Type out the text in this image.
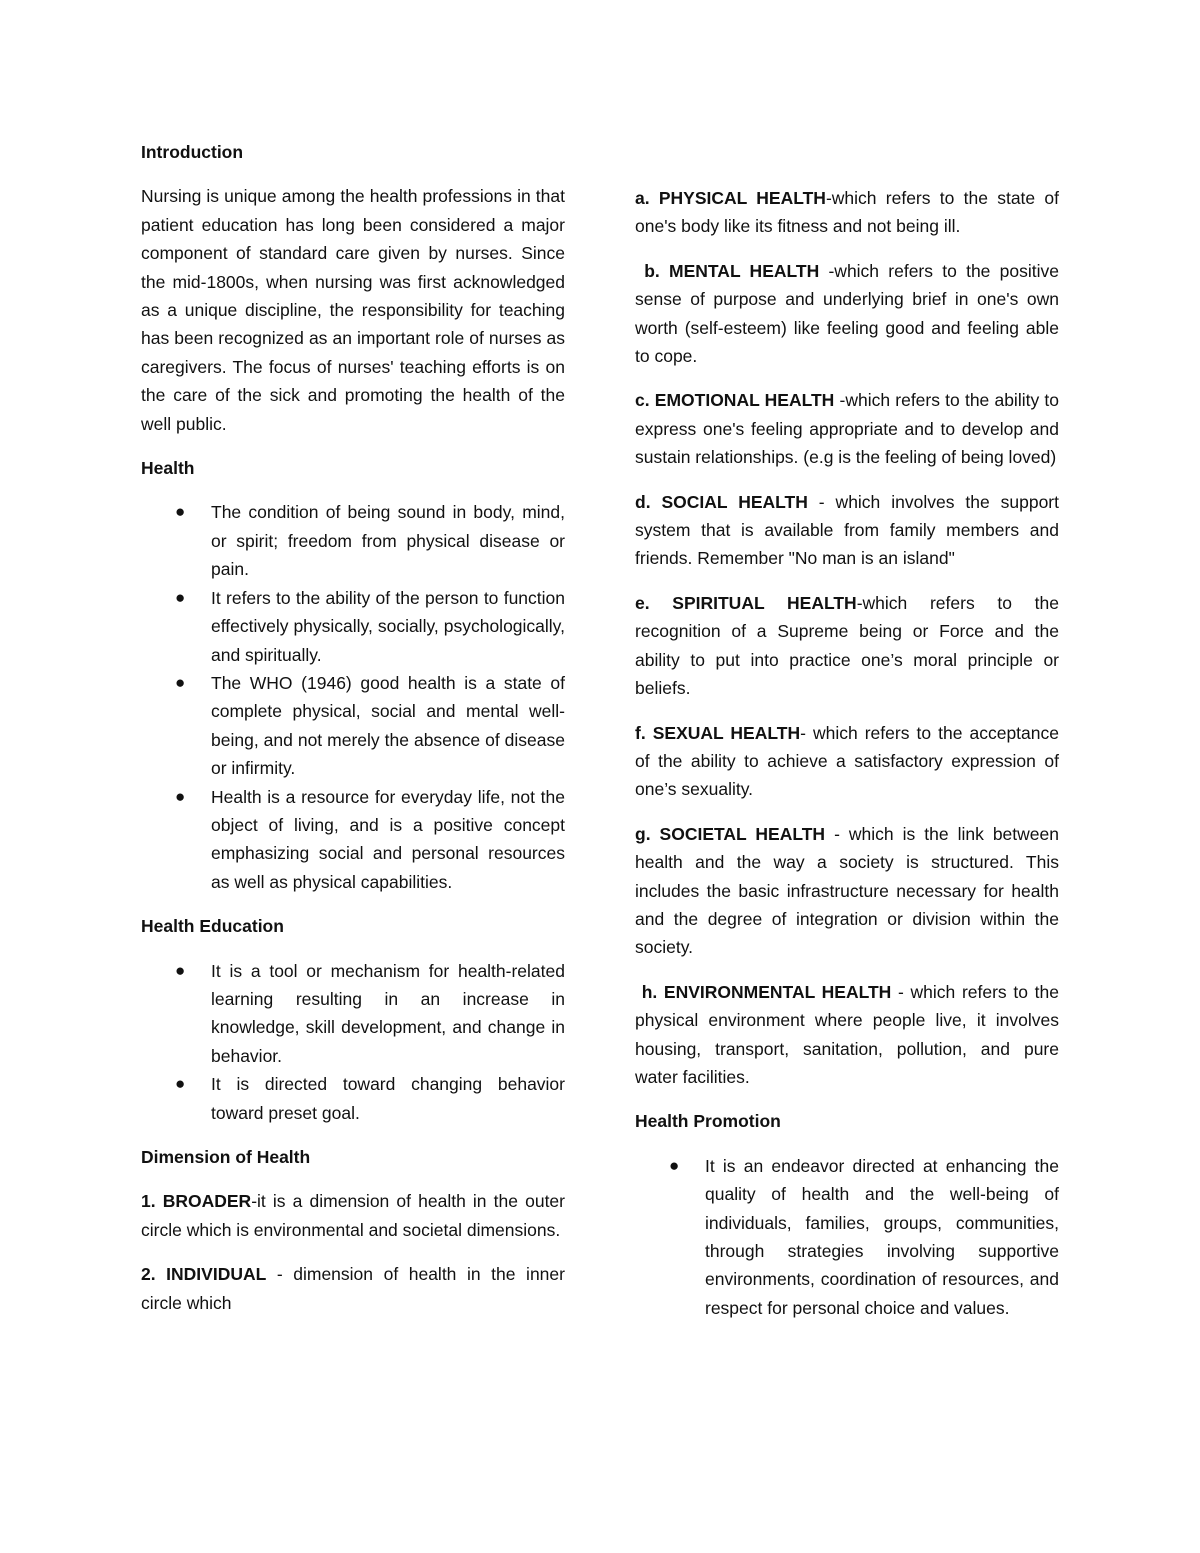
Introduction

Nursing is unique among the health professions in that patient education has long been considered a major component of standard care given by nurses. Since the mid-1800s, when nursing was first acknowledged as a unique discipline, the responsibility for teaching has been recognized as an important role of nurses as caregivers. The focus of nurses' teaching efforts is on the care of the sick and promoting the health of the well public.

Health
● The condition of being sound in body, mind, or spirit; freedom from physical disease or pain.
● It refers to the ability of the person to function effectively physically, socially, psychologically, and spiritually.
● The WHO (1946) good health is a state of complete physical, social and mental well-being, and not merely the absence of disease or infirmity.
● Health is a resource for everyday life, not the object of living, and is a positive concept emphasizing social and personal resources as well as physical capabilities.
Health Education
● It is a tool or mechanism for health-related learning resulting in an increase in knowledge, skill development, and change in behavior.
● It is directed toward changing behavior toward preset goal.
Dimension of Health

1. BROADER-it is a dimension of health in the outer circle which is environmental and societal dimensions.

2. INDIVIDUAL - dimension of health in the inner circle which

a. PHYSICAL HEALTH-which refers to the state of one's body like its fitness and not being ill.

b. MENTAL HEALTH -which refers to the positive sense of purpose and underlying brief in one's own worth (self-esteem) like feeling good and feeling able to cope.

c. EMOTIONAL HEALTH -which refers to the ability to express one's feeling appropriate and to develop and sustain relationships. (e.g is the feeling of being loved)

d. SOCIAL HEALTH - which involves the support system that is available from family members and friends. Remember "No man is an island"

e. SPIRITUAL HEALTH-which refers to the recognition of a Supreme being or Force and the ability to put into practice one’s moral principle or beliefs.

f. SEXUAL HEALTH- which refers to the acceptance of the ability to achieve a satisfactory expression of one’s sexuality.

g. SOCIETAL HEALTH - which is the link between health and the way a society is structured. This includes the basic infrastructure necessary for health and the degree of integration or division within the society.

h. ENVIRONMENTAL HEALTH - which refers to the physical environment where people live, it involves housing, transport, sanitation, pollution, and pure water facilities.

Health Promotion
● It is an endeavor directed at enhancing the quality of health and the well-being of individuals, families, groups, communities, through strategies involving supportive environments, coordination of resources, and respect for personal choice and values.
